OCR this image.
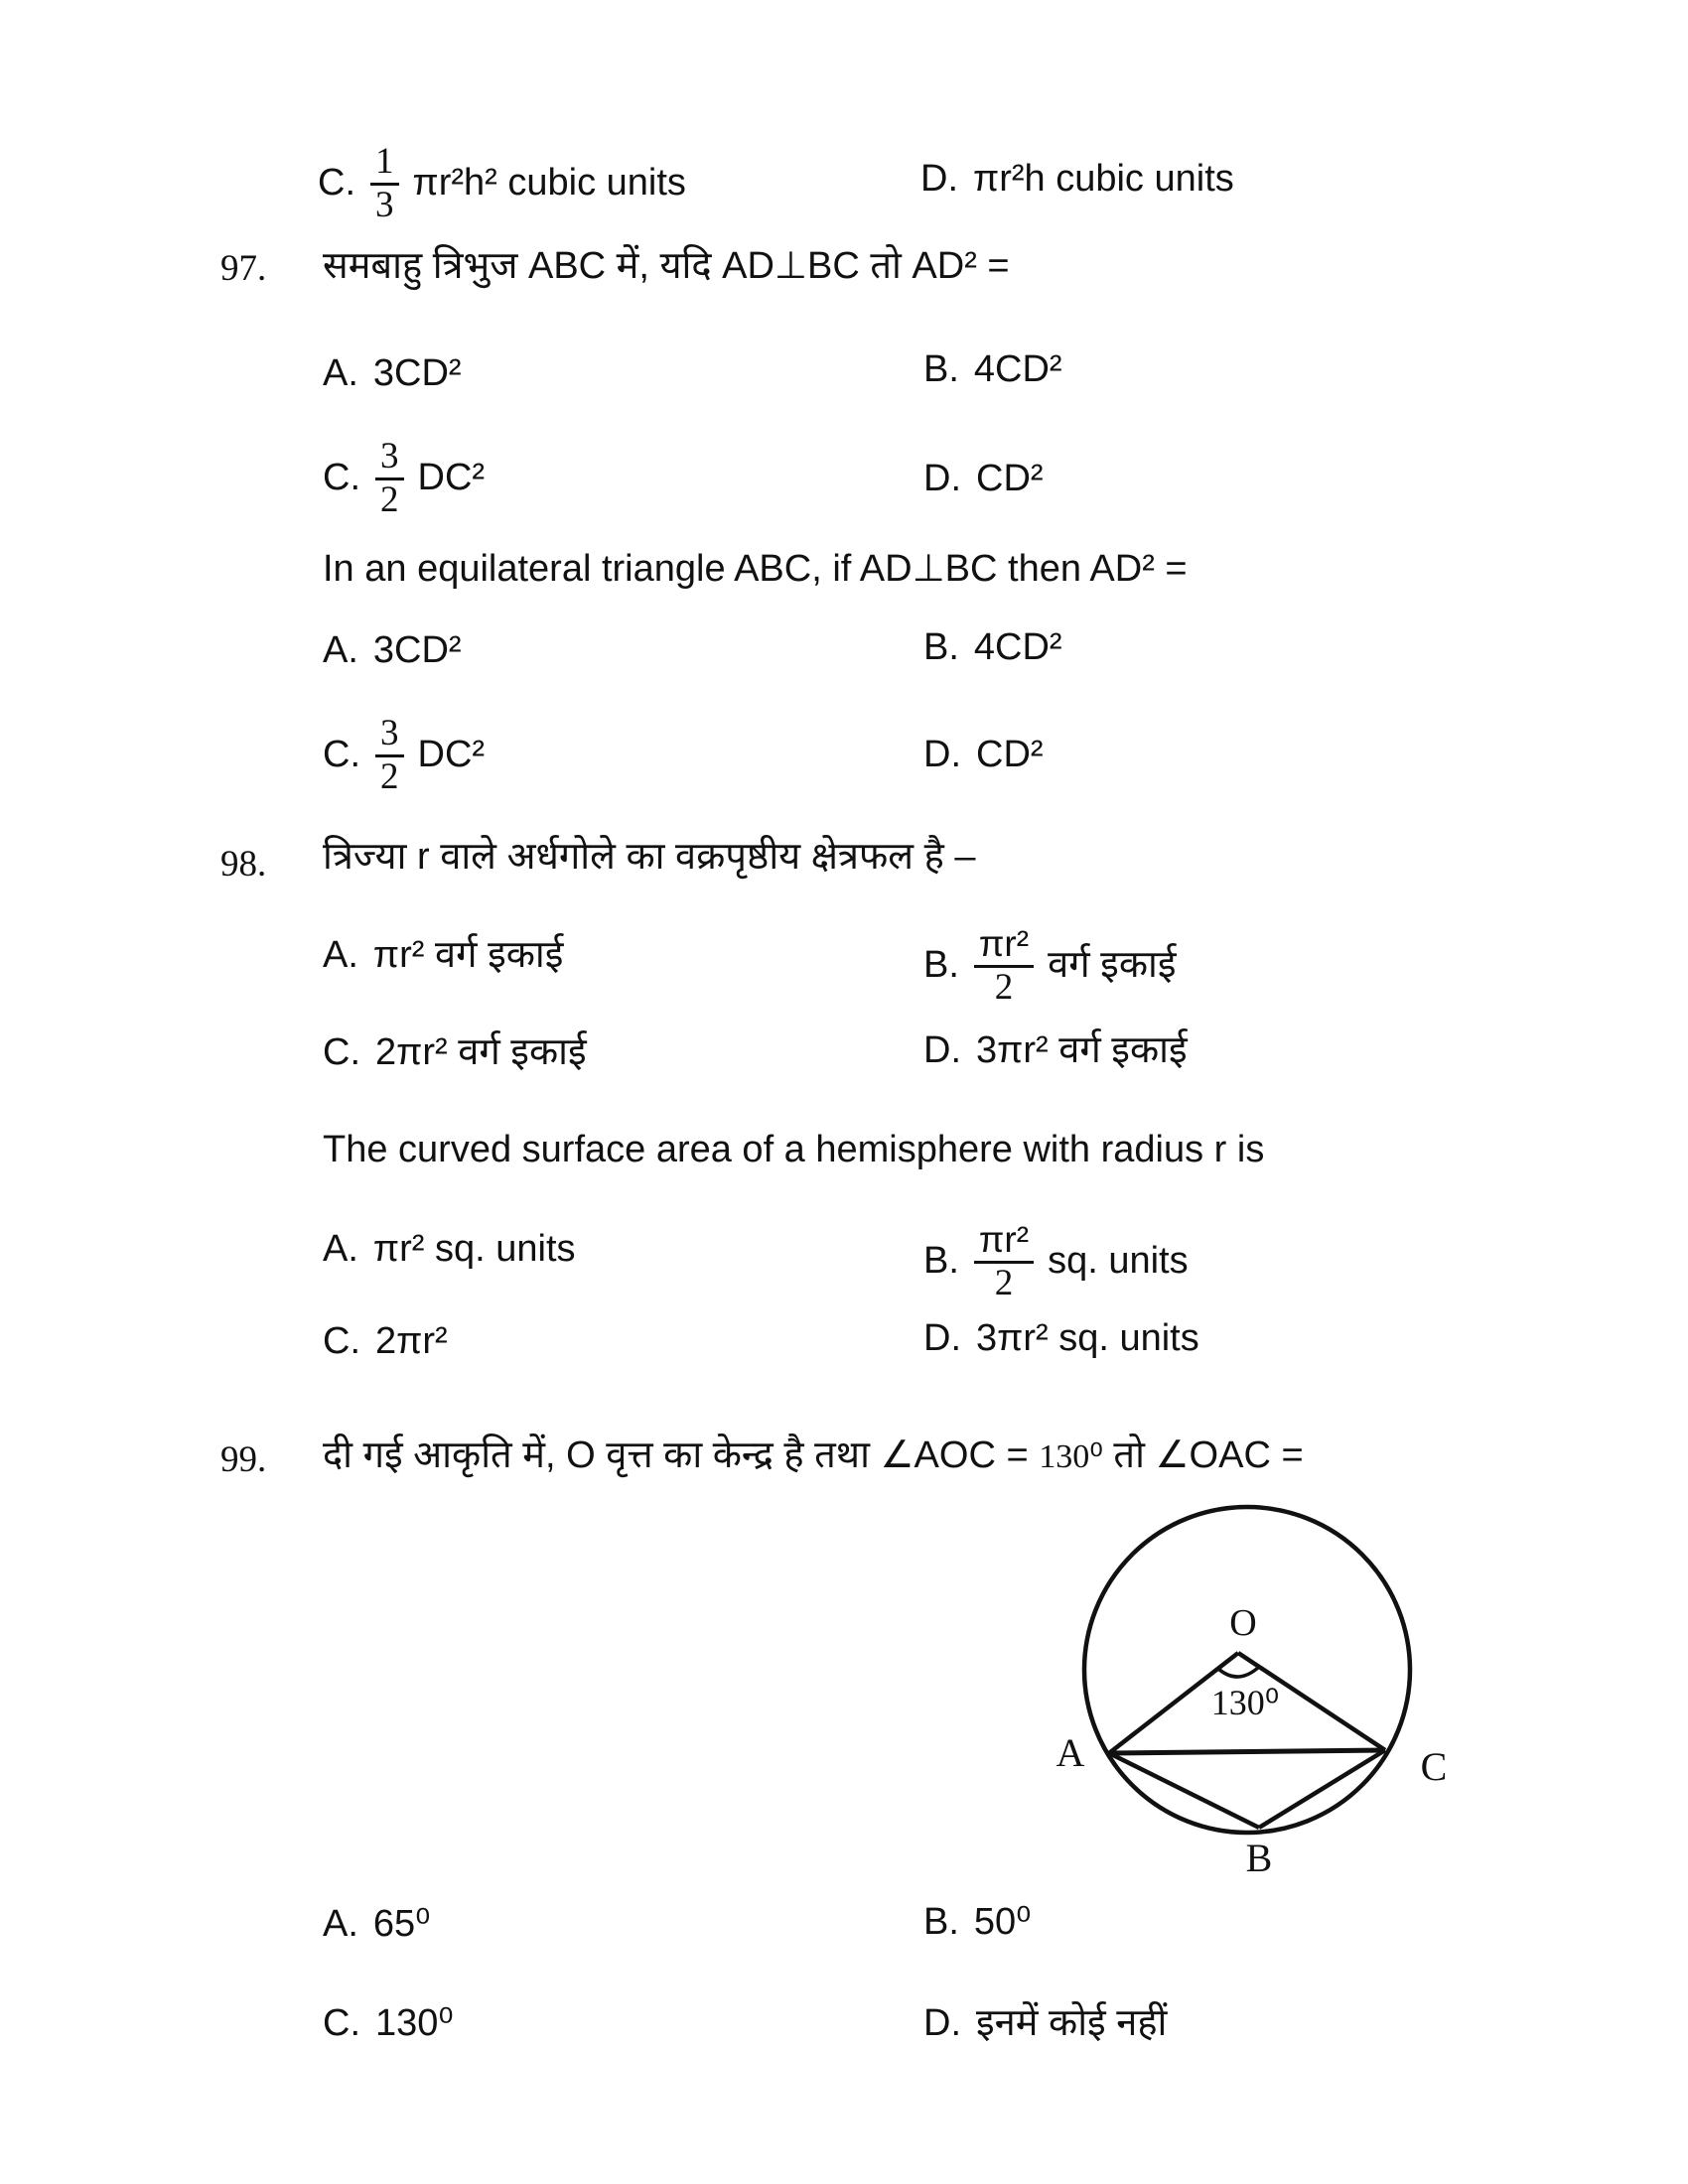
C. $\frac{1}{3} \pi r^2h^2$ cubic units	D. πr²h cubic units
97. समबाहु त्रिभुज ABC में, यदि AD⊥BC तो AD² =
A. 3CD²	B. 4CD²
C. $\frac{3}{2} DC^2$	D. CD²
In an equilateral triangle ABC, if AD⊥BC then AD² =
A. 3CD²	B. 4CD²
C. $\frac{3}{2} DC^2$	D. CD²
98. त्रिज्या r वाले अर्धगोले का वक्रपृष्ठीय क्षेत्रफल है –
A. πr² वर्ग इकाई	B. $\frac{\text{πr²}}{2}$ वर्ग इकाई
C. 2πr² वर्ग इकाई	D. 3πr² वर्ग इकाई
The curved surface area of a hemisphere with radius r is
A. πr² sq. units	B. $\frac{\text{πr²}}{2}$ sq. units
C. 2πr²	D. 3πr² sq. units
99. दी गई आकृति में, O वृत्त का केन्द्र है तथा ∠AOC = 130⁰ तो ∠OAC =
O
130⁰
A	C
B
A. 65⁰	B. 50⁰
C. 130⁰	D. इनमें कोई नहीं
